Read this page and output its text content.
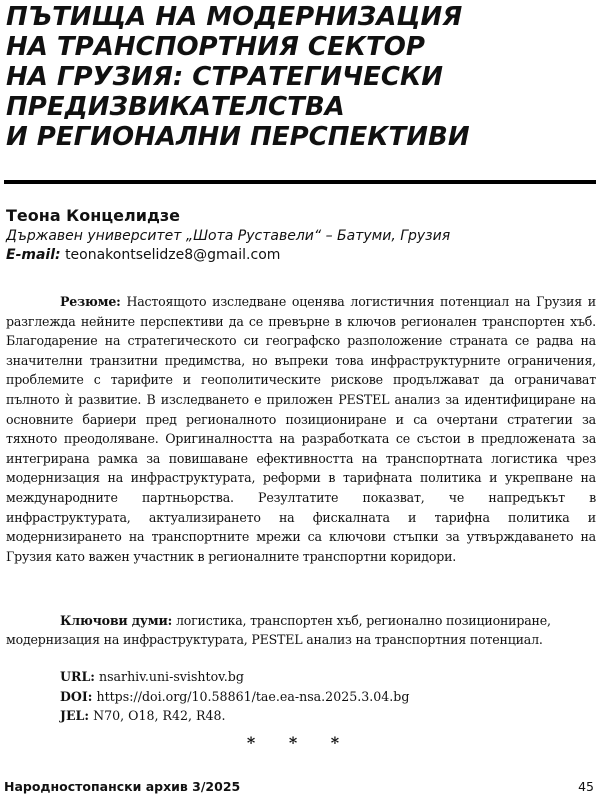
ПЪТИЩА НА МОДЕРНИЗАЦИЯ
НА ТРАНСПОРТНИЯ СЕКТОР
НА ГРУЗИЯ: СТРАТЕГИЧЕСКИ
ПРЕДИЗВИКАТЕЛСТВА
И РЕГИОНАЛНИ ПЕРСПЕКТИВИ
Теона Концелидзе
Държавен университет „Шота Руставели“ – Батуми, Грузия
E-mail: teonakontselidze8@gmail.com

Резюме: Настоящото изследване оценява логистичния потенциал на Грузия и разглежда нейните перспективи да се превърне в ключов регионален транспортен хъб. Благодарение на стратегическото си географско разположение страната се радва на значителни транзитни предимства, но въпреки това инфраструктурните ограничения, проблемите с тарифите и геополитическите рискове продължават да ограничават пълното ѝ развитие. В изследването е приложен PESTEL анализ за идентифициране на основните бариери пред регионалното позициониране и са очертани стратегии за тяхното преодоляване. Оригиналността на разработката се състои в предложената за интегрирана рамка за повишаване ефективността на транспортната логистика чрез модернизация на инфраструктурата, реформи в тарифната политика и укрепване на международните партньорства. Резултатите показват, че напредъкът в инфраструктурата, актуализирането на фискалната и тарифна политика и модернизирането на транспортните мрежи са ключови стъпки за утвърждаването на Грузия като важен участник в регионалните транспортни коридори.

Ключови думи: логистика, транспортен хъб, регионално позициониране, модернизация на инфраструктурата, PESTEL анализ на транспортния потенциал.

URL: nsarhiv.uni-svishtov.bg
DOI: https://doi.org/10.58861/tae.ea-nsa.2025.3.04.bg
JEL: N70, O18, R42, R48.
* * *
Народностопански архив 3/2025	45
